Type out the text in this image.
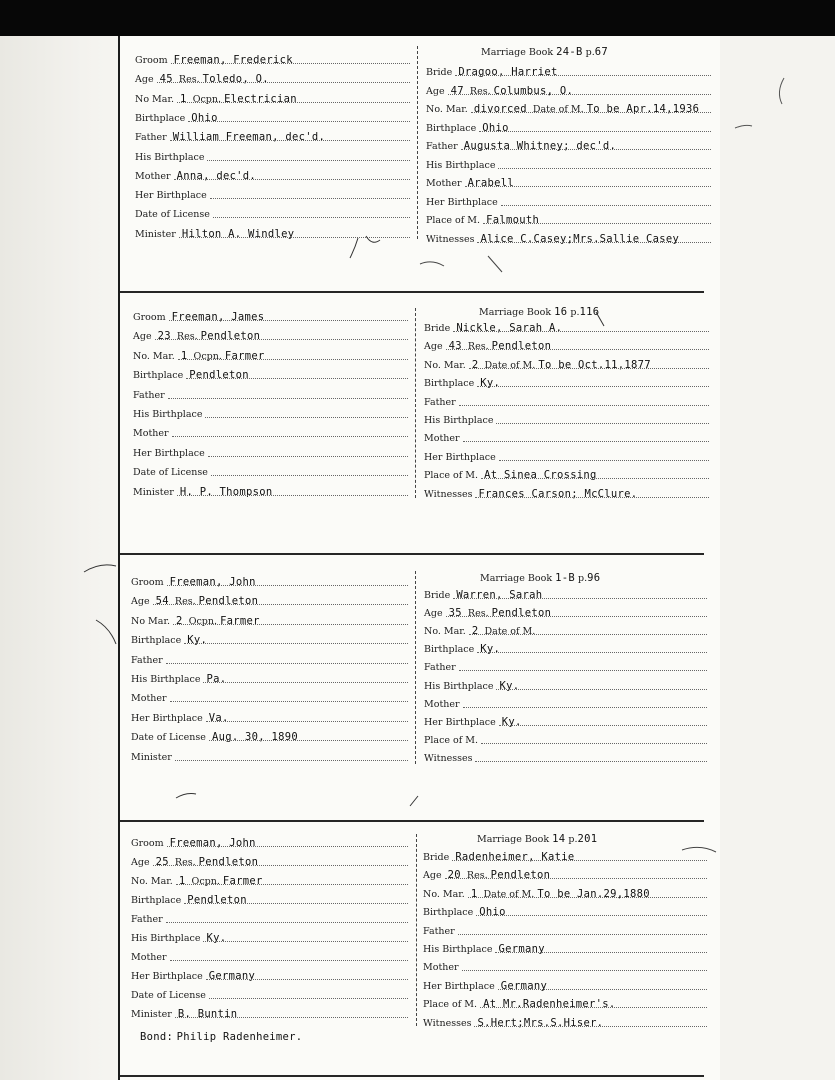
Marriage Book 24-B p.67
Groom Freeman, Frederick
Age 45 Res. Toledo, O.
No Mar. 1 Ocpn. Electrician
Birthplace Ohio
Father William Freeman, dec'd.
His Birthplace
Mother Anna, dec'd.
Her Birthplace
Date of License
Minister Hilton A. Windley
Bride Dragoo, Harriet
Age 47 Res. Columbus, O.
No. Mar. divorced Date of M. To be Apr.14,1936
Birthplace Ohio
Father Augusta Whitney; dec'd.
His Birthplace
Mother Arabell
Her Birthplace
Place of M. Falmouth
Witnesses Alice C.Casey;Mrs.Sallie Casey
Marriage Book 16 p.116
Groom Freeman, James
Age 23 Res. Pendleton
No. Mar. 1 Ocpn. Farmer
Birthplace Pendleton
Father
His Birthplace
Mother
Her Birthplace
Date of License
Minister H. P. Thompson
Bride Nickle, Sarah A.
Age 43 Res. Pendleton
No. Mar. 2 Date of M. To be Oct.11,1877
Birthplace Ky.
Father
His Birthplace
Mother
Her Birthplace
Place of M. At Sinea Crossing
Witnesses Frances Carson; McClure.
Marriage Book 1-B p.96
Groom Freeman, John
Age 54 Res. Pendleton
No Mar. 2 Ocpn. Farmer
Birthplace Ky.
Father
His Birthplace Pa.
Mother
Her Birthplace Va.
Date of License Aug. 30, 1890
Minister
Bride Warren, Sarah
Age 35 Res. Pendleton
No. Mar. 2 Date of M.
Birthplace Ky.
Father
His Birthplace Ky.
Mother
Her Birthplace Ky.
Place of M.
Witnesses
Marriage Book 14 p.201
Groom Freeman, John
Age 25 Res. Pendleton
No. Mar. 1 Ocpn. Farmer
Birthplace Pendleton
Father
His Birthplace Ky.
Mother
Her Birthplace Germany
Date of License
Minister B. Buntin
Bride Radenheimer, Katie
Age 20 Res. Pendleton
No. Mar. 1 Date of M. To be Jan.29,1880
Birthplace Ohio
Father
His Birthplace Germany
Mother
Her Birthplace Germany
Place of M. At Mr.Radenheimer's.
Witnesses S.Hert;Mrs.S.Hiser.
Bond: Philip Radenheimer.
